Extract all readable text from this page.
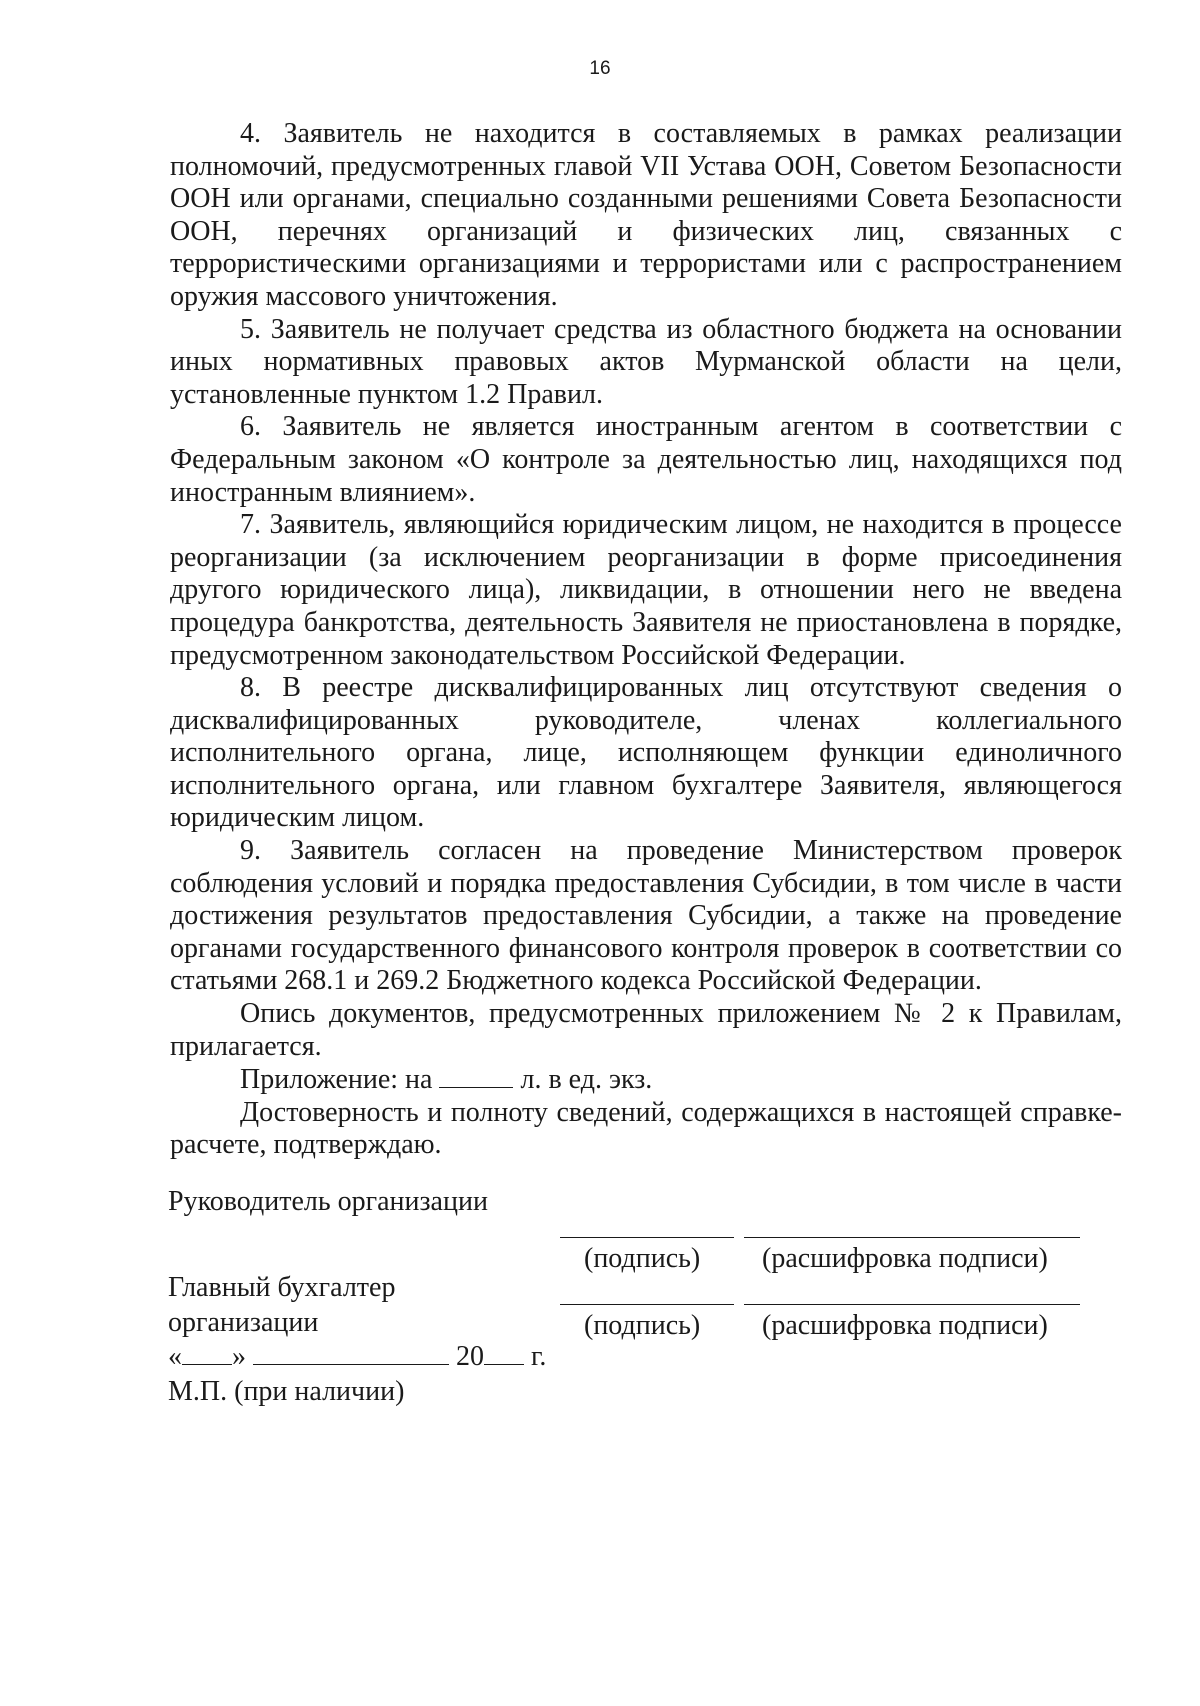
16

4. Заявитель не находится в составляемых в рамках реализации полномочий, предусмотренных главой VII Устава ООН, Советом Безопасности ООН или органами, специально созданными решениями Совета Безопасности ООН, перечнях организаций и физических лиц, связанных с террористическими организациями и террористами или с распространением оружия массового уничтожения.

5. Заявитель не получает средства из областного бюджета на основании иных нормативных правовых актов Мурманской области на цели, установленные пунктом 1.2 Правил.

6. Заявитель не является иностранным агентом в соответствии с Федеральным законом «О контроле за деятельностью лиц, находящихся под иностранным влиянием».

7. Заявитель, являющийся юридическим лицом, не находится в процессе реорганизации (за исключением реорганизации в форме присоединения другого юридического лица), ликвидации, в отношении него не введена процедура банкротства, деятельность Заявителя не приостановлена в порядке, предусмотренном законодательством Российской Федерации.

8. В реестре дисквалифицированных лиц отсутствуют сведения о дисквалифицированных руководителе, членах коллегиального исполнительного органа, лице, исполняющем функции единоличного исполнительного органа, или главном бухгалтере Заявителя, являющегося юридическим лицом.

9. Заявитель согласен на проведение Министерством проверок соблюдения условий и порядка предоставления Субсидии, в том числе в части достижения результатов предоставления Субсидии, а также на проведение органами государственного финансового контроля проверок в соответствии со статьями 268.1 и 269.2 Бюджетного кодекса Российской Федерации.

Опись документов, предусмотренных приложением № 2 к Правилам, прилагается.

Приложение: на	л. в ед. экз.

Достоверность и полноту сведений, содержащихся в настоящей справке-расчете, подтверждаю.

Руководитель организации
(подпись) (расшифровка подписи)
Главный бухгалтер
организации	(подпись) (расшифровка подписи)
« »	20 г.
М.П. (при наличии)
